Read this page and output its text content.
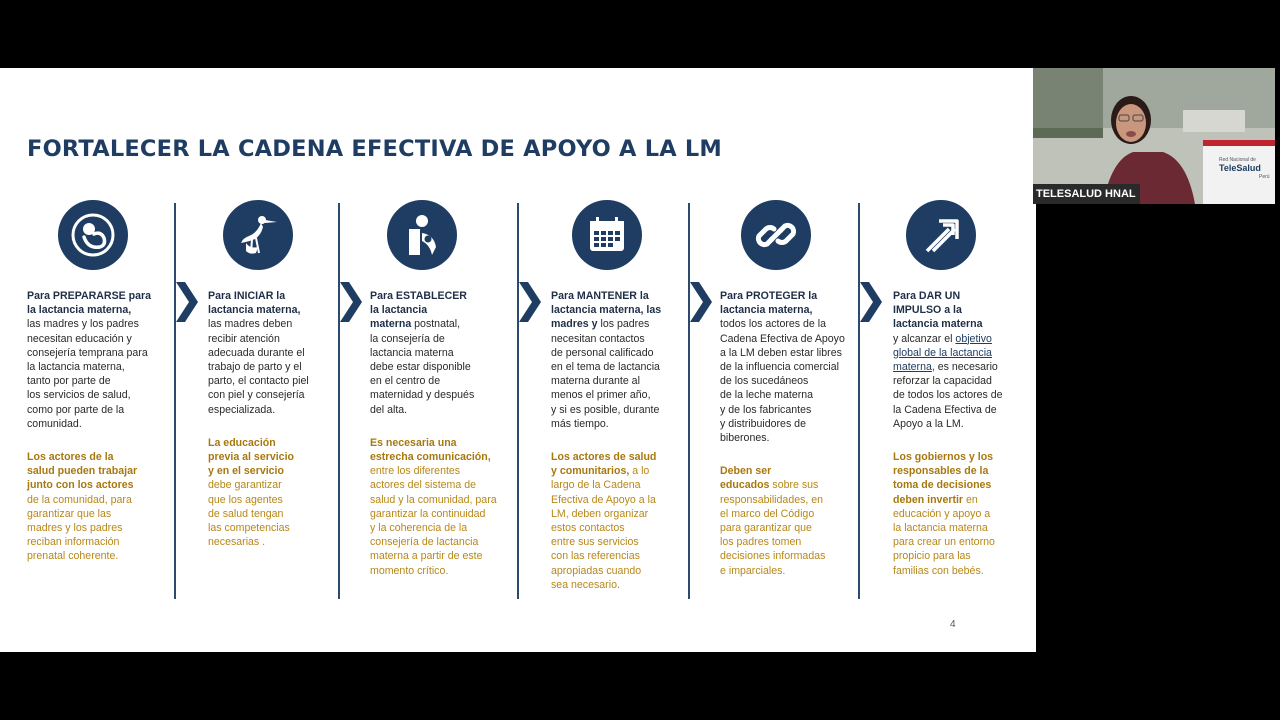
FORTALECER LA CADENA EFECTIVA DE APOYO A LA LM

Para PREPARARSE para

la lactancia materna,

las madres y los padres

necesitan educación y

consejería temprana para

la lactancia materna,

tanto por parte de

los servicios de salud,

como por parte de la

comunidad.

Los actores de la

salud pueden trabajar

junto con los actores

de la comunidad, para

garantizar que las

madres y los padres

reciban información

prenatal coherente.

Para INICIAR la

lactancia materna,

las madres deben

recibir atención

adecuada durante el

trabajo de parto y el

parto, el contacto piel

con piel y consejería

especializada.

La educación

previa al servicio

y en el servicio

debe garantizar

que los agentes

de salud tengan

las competencias

necesarias .

Para ESTABLECER

la lactancia

materna postnatal,

la consejería de

lactancia materna

debe estar disponible

en el centro de

maternidad y después

del alta.

Es necesaria una

estrecha comunicación,

entre los diferentes

actores del sistema de

salud y la comunidad, para

garantizar la continuidad

y la coherencia de la

consejería de lactancia

materna a partir de este

momento crítico.

Para MANTENER la

lactancia materna, las

madres y los padres

necesitan contactos

de personal calificado

en el tema de lactancia

materna durante al

menos el primer año,

y si es posible, durante

más tiempo.

Los actores de salud

y comunitarios, a lo

largo de la Cadena

Efectiva de Apoyo a la

LM, deben organizar

estos contactos

entre sus servicios

con las referencias

apropiadas cuando

sea necesario.

Para PROTEGER la

lactancia materna,

todos los actores de la

Cadena Efectiva de Apoyo

a la LM deben estar libres

de la influencia comercial

de los sucedáneos

de la leche materna

y de los fabricantes

y distribuidores de

biberones.

Deben ser

educados sobre sus

responsabilidades, en

el marco del Código

para garantizar que

los padres tomen

decisiones informadas

e imparciales.

Para DAR UN

IMPULSO a la

lactancia materna

y alcanzar el objetivo

global de la lactancia

materna, es necesario

reforzar la capacidad

de todos los actores de

la Cadena Efectiva de

Apoyo a la LM.

Los gobiernos y los

responsables de la

toma de decisiones

deben invertir en

educación y apoyo a

la lactancia materna

para crear un entorno

propicio para las

familias con bebés.

4
Red Nacional de
TeleSalud
Perú
TELESALUD HNAL
